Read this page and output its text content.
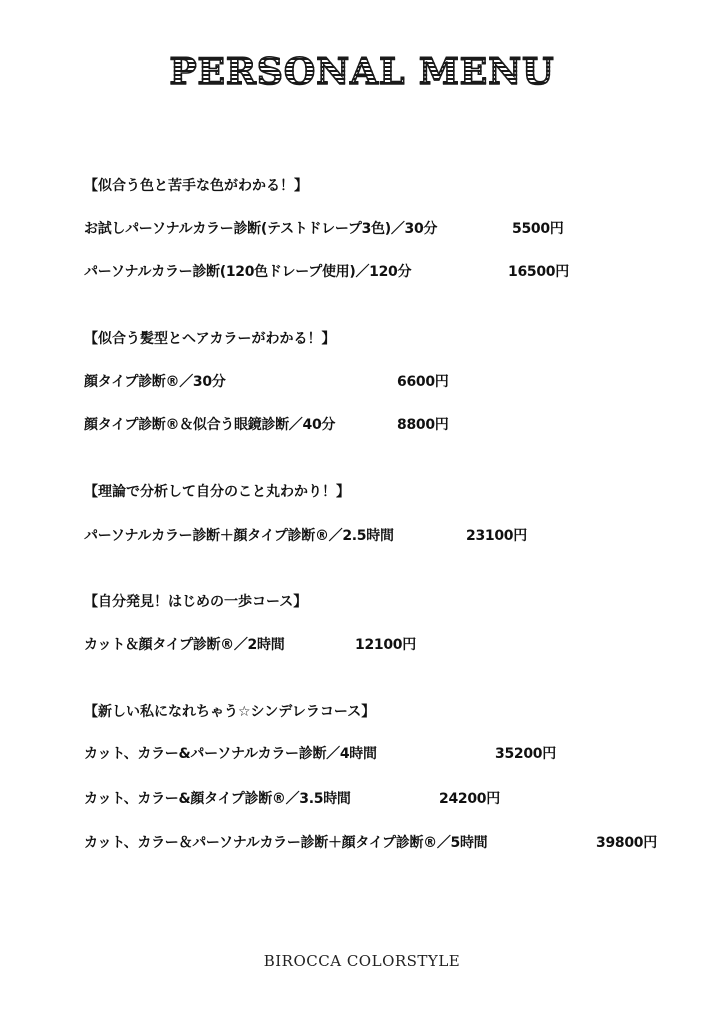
PERSONAL MENU
【似合う色と苦手な色がわかる！】
お試しパーソナルカラー診断(テストドレープ3色)／30分	5500円
パーソナルカラー診断(120色ドレープ使用)／120分	16500円
【似合う髪型とヘアカラーがわかる！】
顔タイプ診断®／30分	6600円
顔タイプ診断®＆似合う眼鏡診断／40分	8800円
【理論で分析して自分のこと丸わかり！】
パーソナルカラー診断＋顔タイプ診断®／2.5時間	23100円
【自分発見！はじめの一歩コース】
カット＆顔タイプ診断®／2時間	12100円
【新しい私になれちゃう☆シンデレラコース】
カット、カラー&パーソナルカラー診断／4時間	35200円
カット、カラー&顔タイプ診断®／3.5時間	24200円
カット、カラー＆パーソナルカラー診断＋顔タイプ診断®／5時間	39800円
BIROCCA COLORSTYLE
